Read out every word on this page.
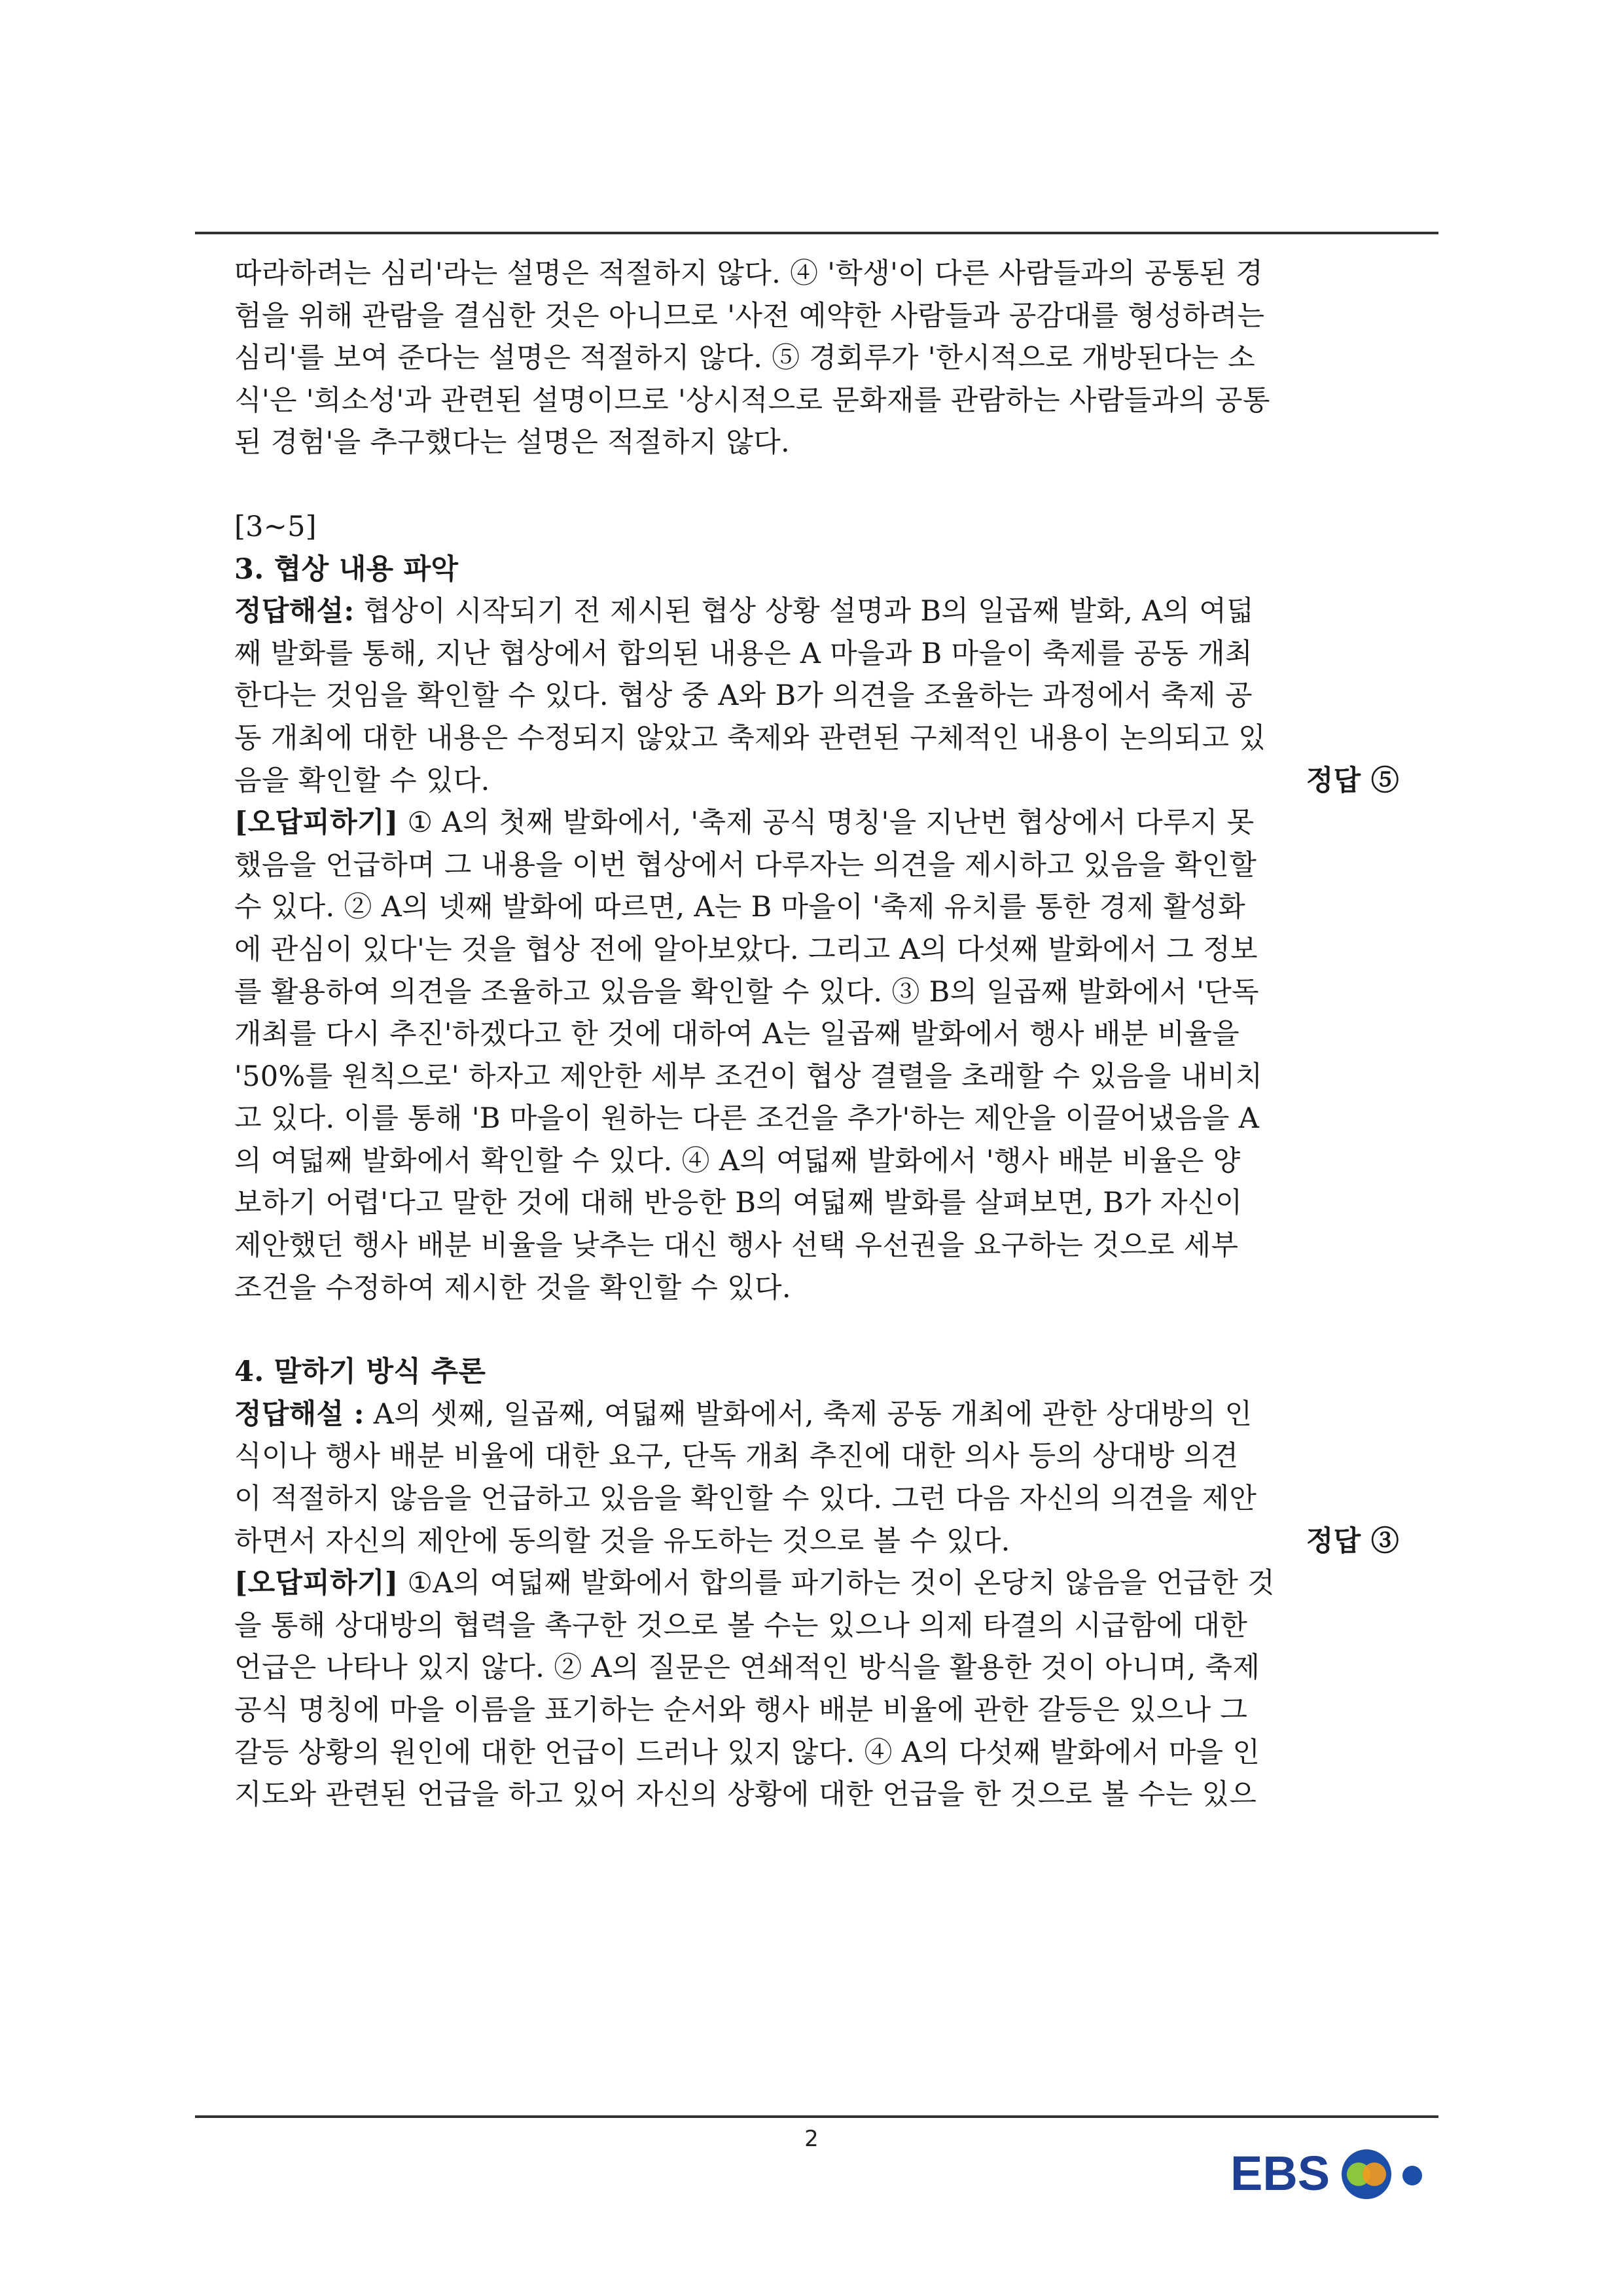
따라하려는 심리'라는 설명은 적절하지 않다. ④ '학생'이 다른 사람들과의 공통된 경

험을 위해 관람을 결심한 것은 아니므로 '사전 예약한 사람들과 공감대를 형성하려는

심리'를 보여 준다는 설명은 적절하지 않다. ⑤ 경회루가 '한시적으로 개방된다는 소

식'은 '희소성'과 관련된 설명이므로 '상시적으로 문화재를 관람하는 사람들과의 공통

된 경험'을 추구했다는 설명은 적절하지 않다.

[3~5]

3. 협상 내용 파악

정답해설: 협상이 시작되기 전 제시된 협상 상황 설명과 B의 일곱째 발화, A의 여덟

째 발화를 통해, 지난 협상에서 합의된 내용은 A 마을과 B 마을이 축제를 공동 개최

한다는 것임을 확인할 수 있다. 협상 중 A와 B가 의견을 조율하는 과정에서 축제 공

동 개최에 대한 내용은 수정되지 않았고 축제와 관련된 구체적인 내용이 논의되고 있

음을 확인할 수 있다.	정답 ⑤

[오답피하기] ① A의 첫째 발화에서, '축제 공식 명칭'을 지난번 협상에서 다루지 못

했음을 언급하며 그 내용을 이번 협상에서 다루자는 의견을 제시하고 있음을 확인할

수 있다. ② A의 넷째 발화에 따르면, A는 B 마을이 '축제 유치를 통한 경제 활성화

에 관심이 있다'는 것을 협상 전에 알아보았다. 그리고 A의 다섯째 발화에서 그 정보

를 활용하여 의견을 조율하고 있음을 확인할 수 있다. ③ B의 일곱째 발화에서 '단독

개최를 다시 추진'하겠다고 한 것에 대하여 A는 일곱째 발화에서 행사 배분 비율을

'50%를 원칙으로' 하자고 제안한 세부 조건이 협상 결렬을 초래할 수 있음을 내비치

고 있다. 이를 통해 'B 마을이 원하는 다른 조건을 추가'하는 제안을 이끌어냈음을 A

의 여덟째 발화에서 확인할 수 있다. ④ A의 여덟째 발화에서 '행사 배분 비율은 양

보하기 어렵'다고 말한 것에 대해 반응한 B의 여덟째 발화를 살펴보면, B가 자신이

제안했던 행사 배분 비율을 낮추는 대신 행사 선택 우선권을 요구하는 것으로 세부

조건을 수정하여 제시한 것을 확인할 수 있다.

4. 말하기 방식 추론

정답해설 : A의 셋째, 일곱째, 여덟째 발화에서, 축제 공동 개최에 관한 상대방의 인

식이나 행사 배분 비율에 대한 요구, 단독 개최 추진에 대한 의사 등의 상대방 의견

이 적절하지 않음을 언급하고 있음을 확인할 수 있다. 그런 다음 자신의 의견을 제안

하면서 자신의 제안에 동의할 것을 유도하는 것으로 볼 수 있다.	정답 ③

[오답피하기] ①A의 여덟째 발화에서 합의를 파기하는 것이 온당치 않음을 언급한 것

을 통해 상대방의 협력을 촉구한 것으로 볼 수는 있으나 의제 타결의 시급함에 대한

언급은 나타나 있지 않다. ② A의 질문은 연쇄적인 방식을 활용한 것이 아니며, 축제

공식 명칭에 마을 이름을 표기하는 순서와 행사 배분 비율에 관한 갈등은 있으나 그

갈등 상황의 원인에 대한 언급이 드러나 있지 않다. ④ A의 다섯째 발화에서 마을 인

지도와 관련된 언급을 하고 있어 자신의 상황에 대한 언급을 한 것으로 볼 수는 있으

2
EBS
